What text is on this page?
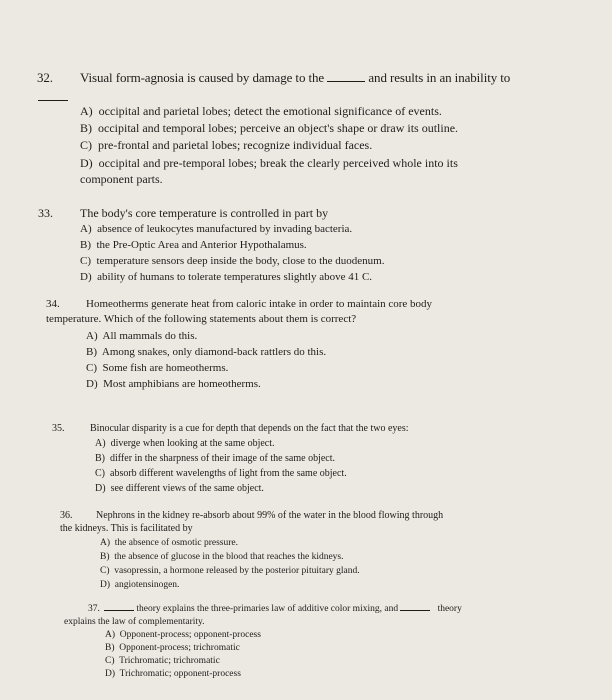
32. Visual form-agnosia is caused by damage to the	and results in an inability to
A) occipital and parietal lobes; detect the emotional significance of events.
B) occipital and temporal lobes; perceive an object's shape or draw its outline.
C) pre-frontal and parietal lobes; recognize individual faces.
D) occipital and pre-temporal lobes; break the clearly perceived whole into its
component parts.
33. The body's core temperature is controlled in part by
A) absence of leukocytes manufactured by invading bacteria.
B) the Pre-Optic Area and Anterior Hypothalamus.
C) temperature sensors deep inside the body, close to the duodenum.
D) ability of humans to tolerate temperatures slightly above 41 C.
34. Homeotherms generate heat from caloric intake in order to maintain core body
temperature. Which of the following statements about them is correct?
A) All mammals do this.
B) Among snakes, only diamond-back rattlers do this.
C) Some fish are homeotherms.
D) Most amphibians are homeotherms.
35.	Binocular disparity is a cue for depth that depends on the fact that the two eyes:
A) diverge when looking at the same object.
B) differ in the sharpness of their image of the same object.
C) absorb different wavelengths of light from the same object.
D) see different views of the same object.
36. Nephrons in the kidney re-absorb about 99% of the water in the blood flowing through
the kidneys. This is facilitated by
A) the absence of osmotic pressure.
B) the absence of glucose in the blood that reaches the kidneys.
C) vasopressin, a hormone released by the posterior pituitary gland.
D) angiotensinogen.
37.	theory explains the three-primaries law of additive color mixing, and	theory
explains the law of complementarity.
A) Opponent-process; opponent-process
B) Opponent-process; trichromatic
C) Trichromatic; trichromatic
D) Trichromatic; opponent-process
